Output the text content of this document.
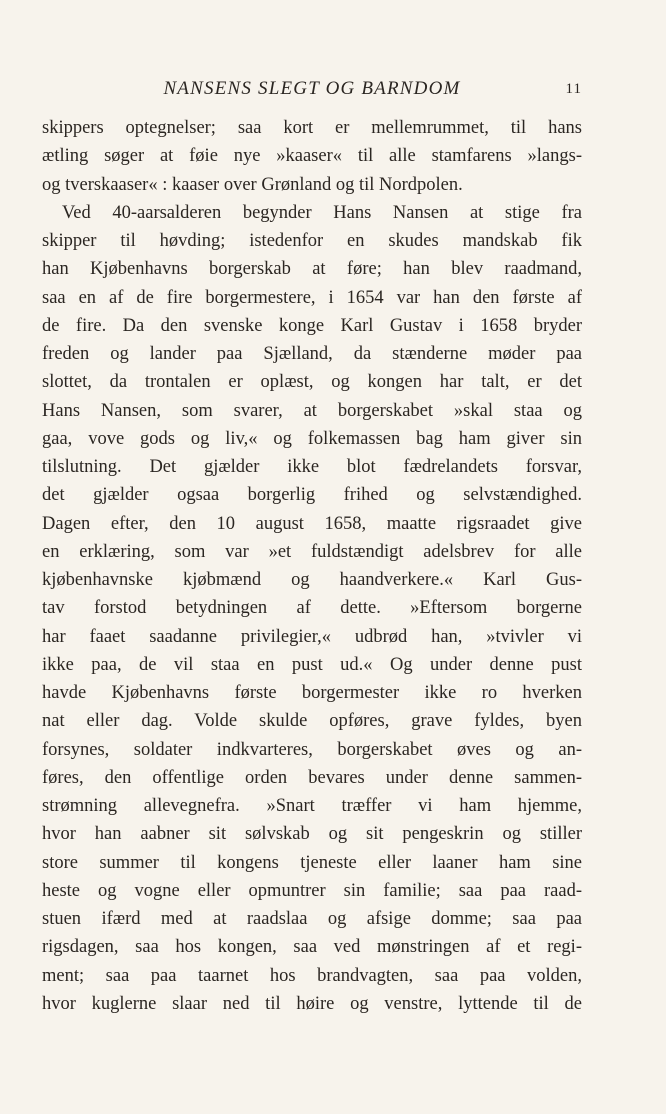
NANSENS SLEGT OG BARNDOM	11
skippers optegnelser; saa kort er mellemrummet, til hans
ætling søger at føie nye »kaaser« til alle stamfarens »langs-
og tverskaaser« : kaaser over Grønland og til Nordpolen.
Ved 40-aarsalderen begynder Hans Nansen at stige fra
skipper til høvding; istedenfor en skudes mandskab fik
han Kjøbenhavns borgerskab at føre; han blev raadmand,
saa en af de fire borgermestere, i 1654 var han den første af
de fire. Da den svenske konge Karl Gustav i 1658 bryder
freden og lander paa Sjælland, da stænderne møder paa
slottet, da trontalen er oplæst, og kongen har talt, er det
Hans Nansen, som svarer, at borgerskabet »skal staa og
gaa, vove gods og liv,« og folkemassen bag ham giver sin
tilslutning. Det gjælder ikke blot fædrelandets forsvar,
det gjælder ogsaa borgerlig frihed og selvstændighed.
Dagen efter, den 10 august 1658, maatte rigsraadet give
en erklæring, som var »et fuldstændigt adelsbrev for alle
kjøbenhavnske kjøbmænd og haandverkere.« Karl Gus-
tav forstod betydningen af dette. »Eftersom borgerne
har faaet saadanne privilegier,« udbrød han, »tvivler vi
ikke paa, de vil staa en pust ud.« Og under denne pust
havde Kjøbenhavns første borgermester ikke ro hverken
nat eller dag. Volde skulde opføres, grave fyldes, byen
forsynes, soldater indkvarteres, borgerskabet øves og an-
føres, den offentlige orden bevares under denne sammen-
strømning allevegnefra. »Snart træffer vi ham hjemme,
hvor han aabner sit sølvskab og sit pengeskrin og stiller
store summer til kongens tjeneste eller laaner ham sine
heste og vogne eller opmuntrer sin familie; saa paa raad-
stuen ifærd med at raadslaa og afsige domme; saa paa
rigsdagen, saa hos kongen, saa ved mønstringen af et regi-
ment; saa paa taarnet hos brandvagten, saa paa volden,
hvor kuglerne slaar ned til høire og venstre, lyttende til de
